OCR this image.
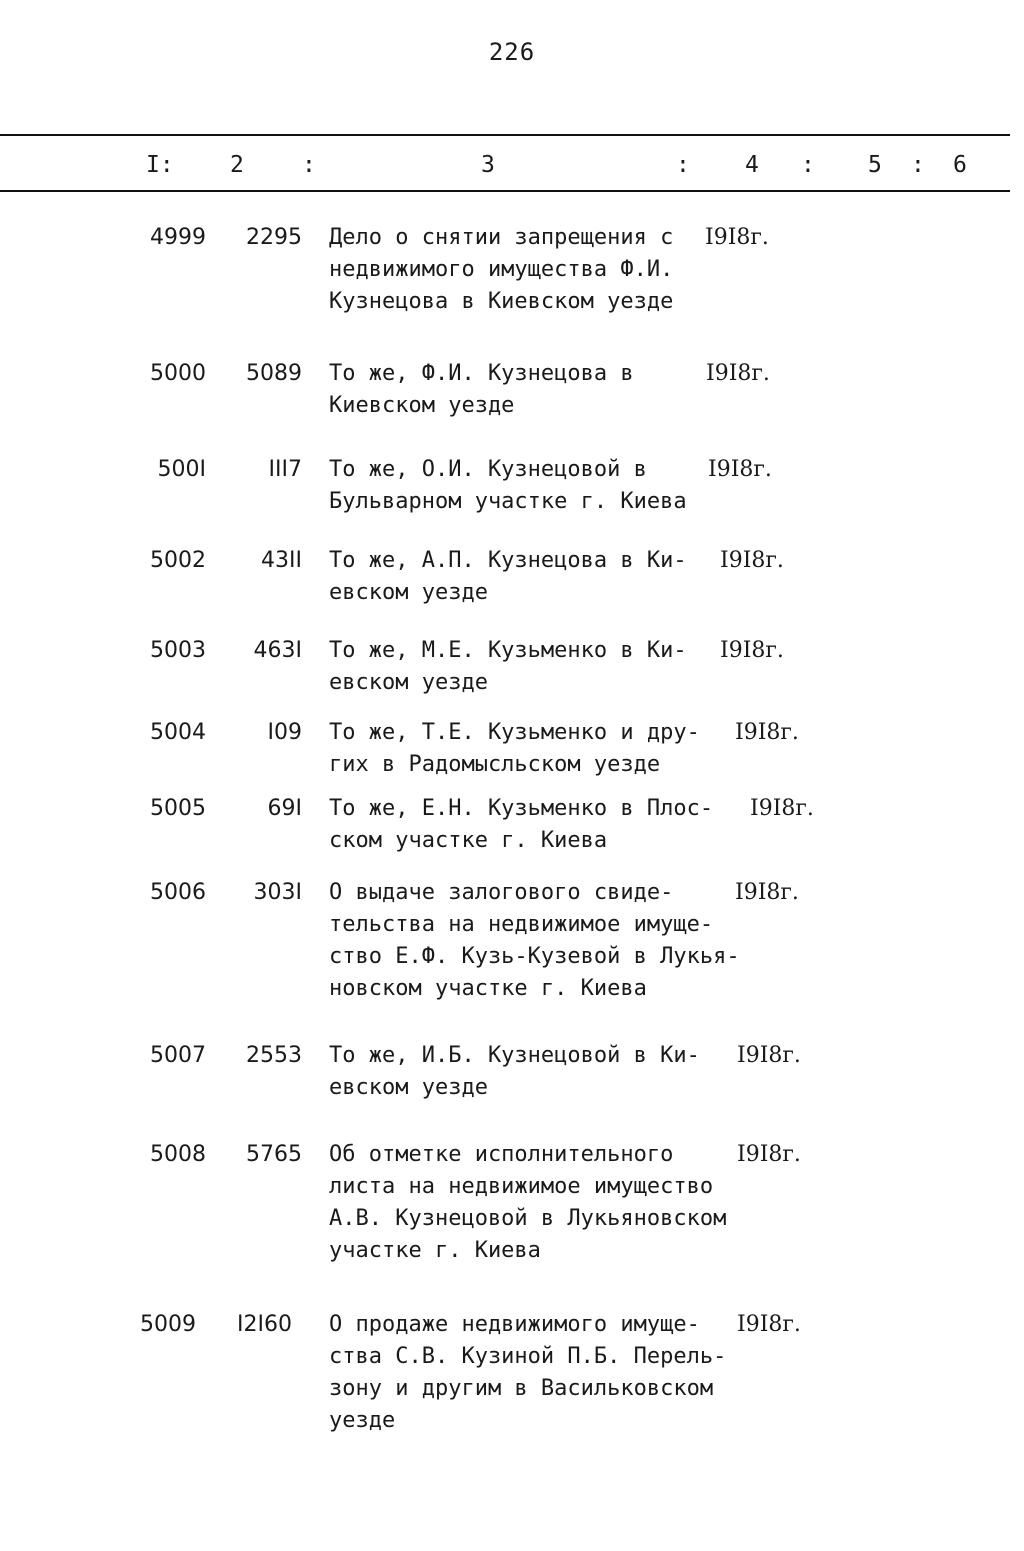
226
I: 2	:	3	: 4 : 5 : 6
4999	2295 Дело о снятии запрещения с
недвижимого имущества Ф.И.
Кузнецова в Киевском уезде
I9I8г.
5000	5089 То же, Ф.И. Кузнецова в
Киевском уезде
I9I8г.
500I	III7 То же, О.И. Кузнецовой в
Бульварном участке г. Киева
I9I8г.
5002	43II То же, А.П. Кузнецова в Ки-
евском уезде
I9I8г.
5003	463I То же, М.Е. Кузьменко в Ки-
евском уезде
I9I8г.
5004	I09 То же, Т.Е. Кузьменко и дру-
гих в Радомысльском уезде
I9I8г.
5005	69I То же, Е.Н. Кузьменко в Плос-
ском участке г. Киева
I9I8г.
5006	303I О выдаче залогового свиде-
тельства на недвижимое имуще-
ство Е.Ф. Кузь-Кузевой в Лукья-
новском участке г. Киева
I9I8г.
5007	2553 То же, И.Б. Кузнецовой в Ки-
евском уезде
I9I8г.
5008	5765 Об отметке исполнительного
листа на недвижимое имущество
А.В. Кузнецовой в Лукьяновском
участке г. Киева
I9I8г.
5009	I2I60 О продаже недвижимого имуще-
ства С.В. Кузиной П.Б. Перель-
зону и другим в Васильковском
уезде
I9I8г.
